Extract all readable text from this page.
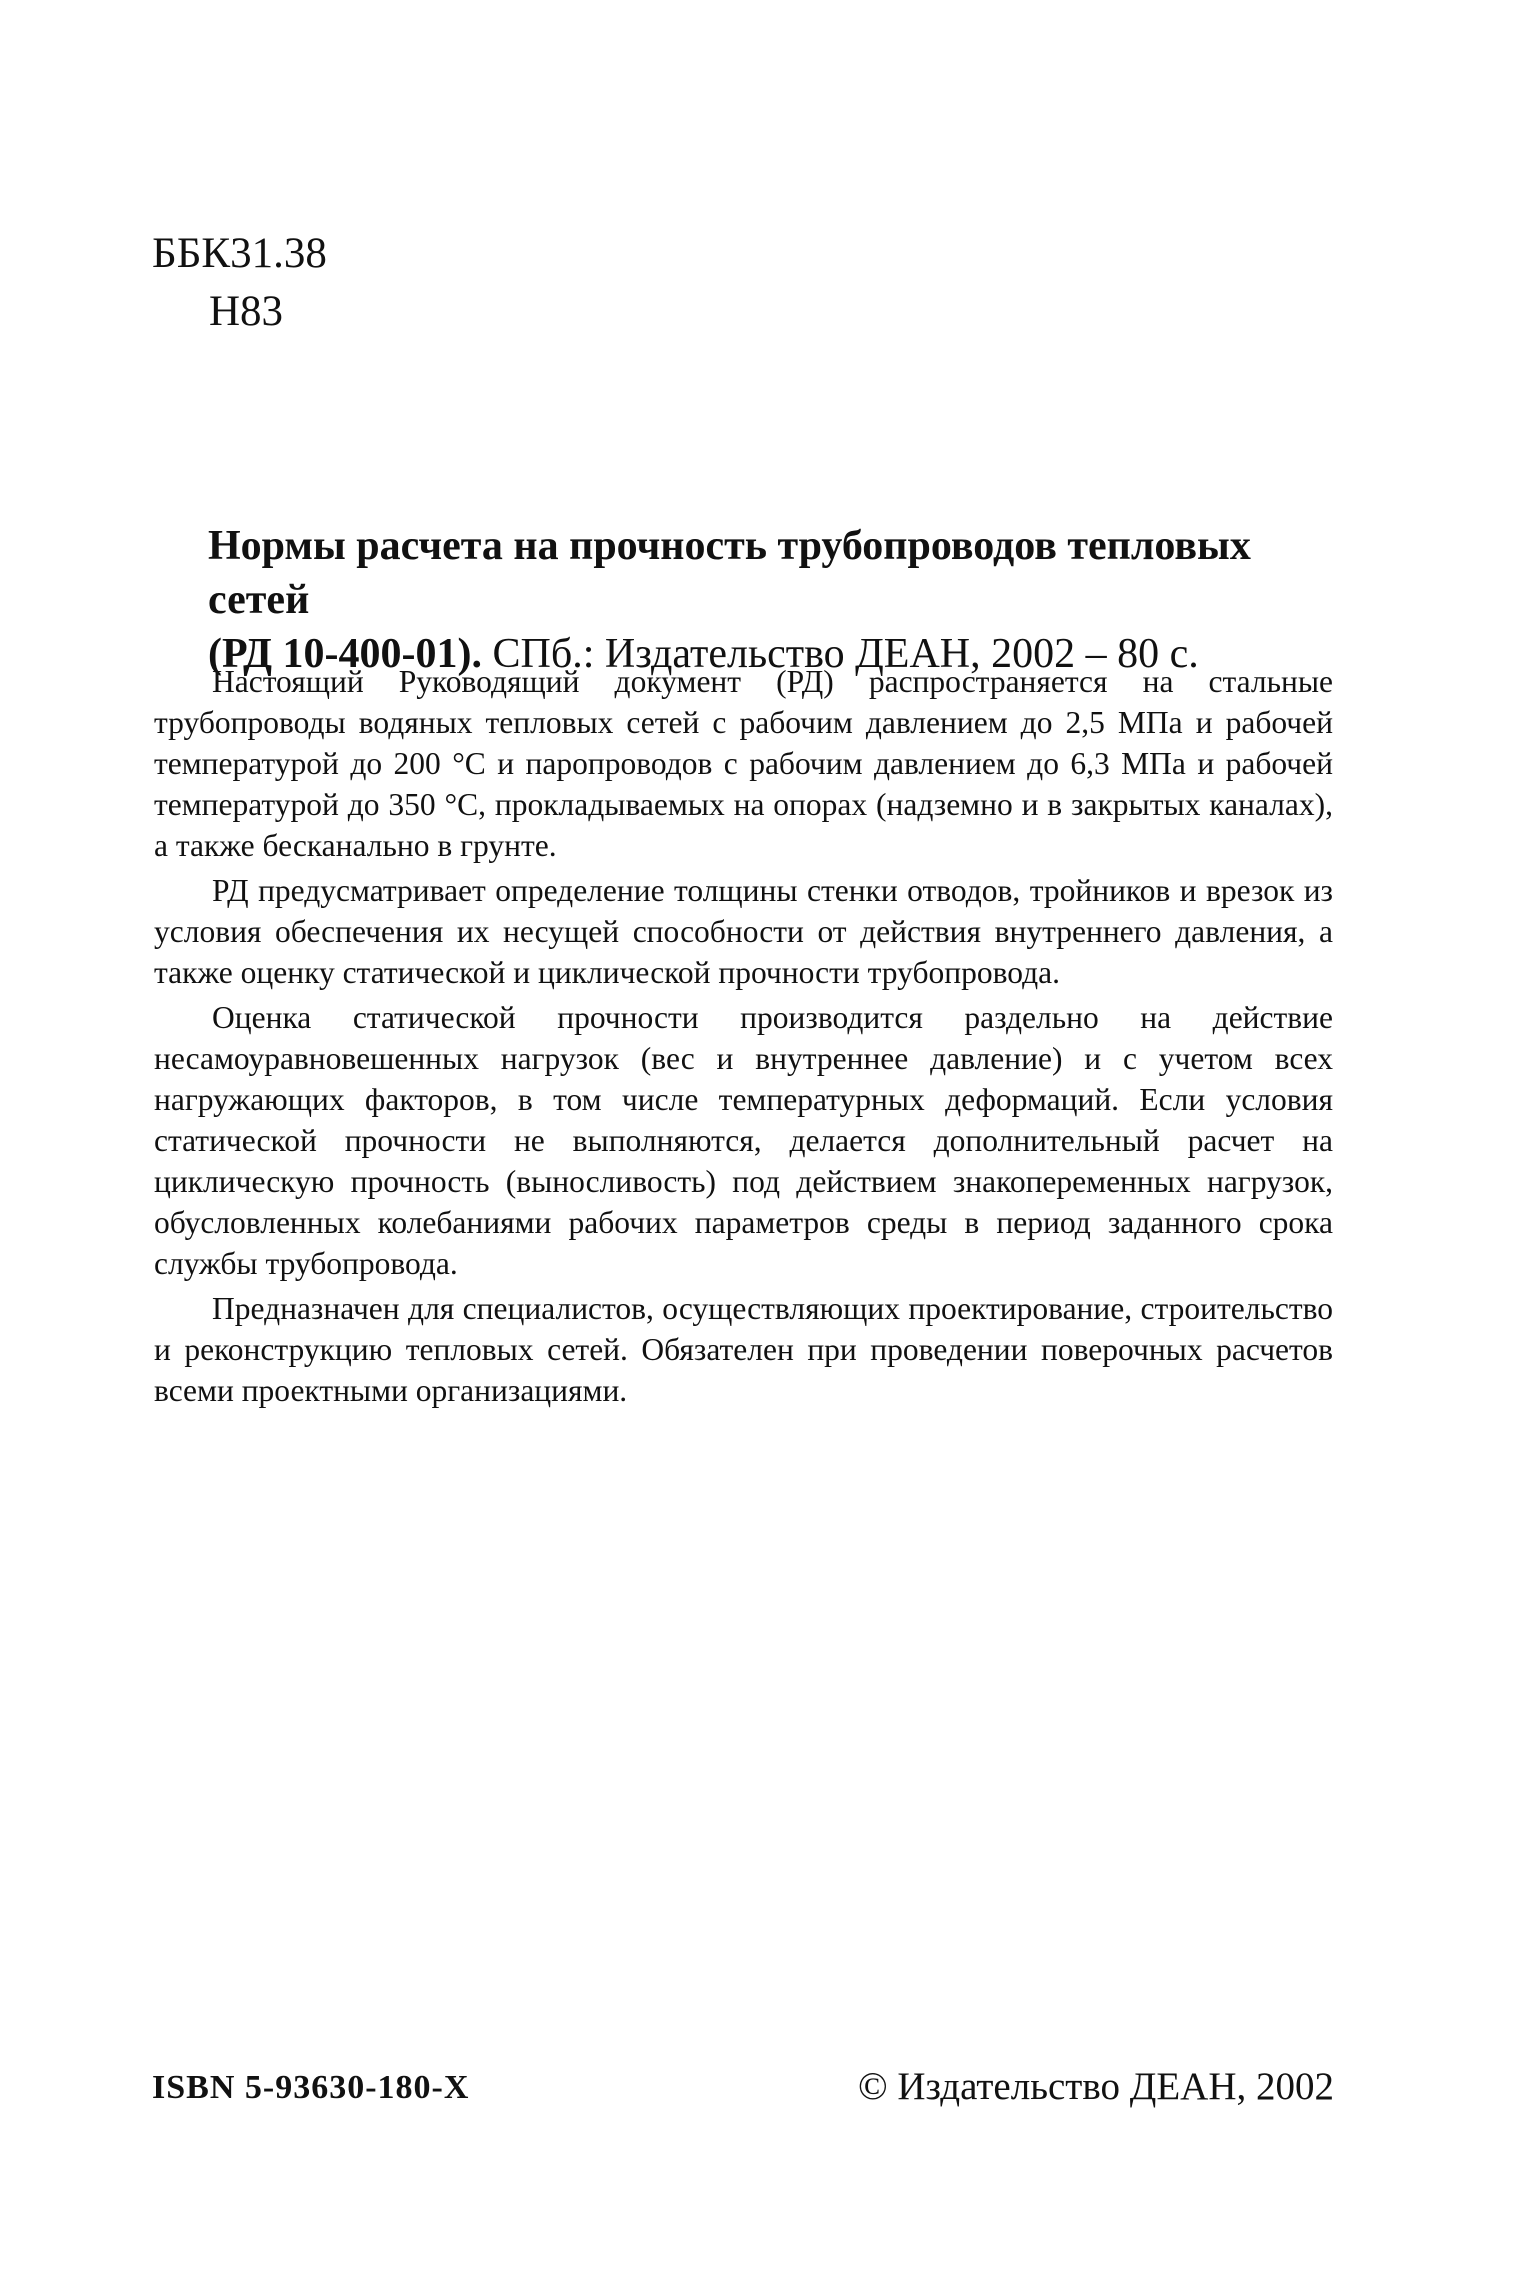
ББК31.38
Н83
Нормы расчета на прочность трубопроводов тепловых сетей
(РД 10-400-01). СПб.: Издательство ДЕАН, 2002 – 80 с.

Настоящий Руководящий документ (РД) распространяется на стальные трубопроводы водяных тепловых сетей с рабочим давлением до 2,5 МПа и рабочей температурой до 200 °С и паропроводов с рабочим давлением до 6,3 МПа и рабочей температурой до 350 °С, прокладываемых на опорах (надземно и в закрытых каналах), а также бесканально в грунте.

РД предусматривает определение толщины стенки отводов, тройников и врезок из условия обеспечения их несущей способности от действия внутреннего давления, а также оценку статической и циклической прочности трубопровода.

Оценка статической прочности производится раздельно на действие несамоуравновешенных нагрузок (вес и внутреннее давление) и с учетом всех нагружающих факторов, в том числе температурных деформаций. Если условия статической прочности не выполняются, делается дополнительный расчет на циклическую прочность (выносливость) под действием знакопеременных нагрузок, обусловленных колебаниями рабочих параметров среды в период заданного срока службы трубопровода.

Предназначен для специалистов, осуществляющих проектирование, строительство и реконструкцию тепловых сетей. Обязателен при проведении поверочных расчетов всеми проектными организациями.

ISBN 5-93630-180-X	© Издательство ДЕАН, 2002
